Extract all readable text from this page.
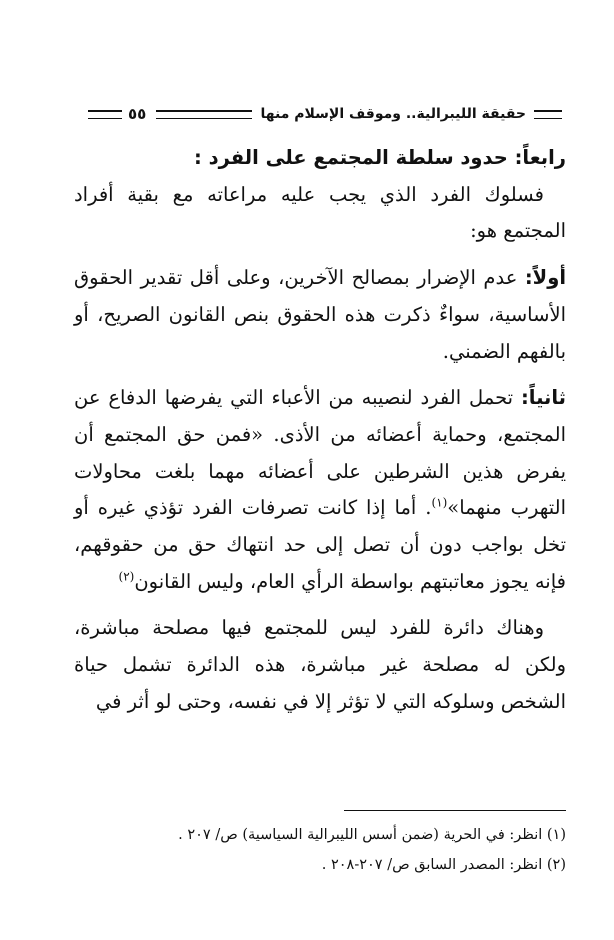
حقيقة الليبرالية.. وموقف الإسلام منها
٥٥

رابعاً: حدود سلطة المجتمع على الفرد :

فسلوك الفرد الذي يجب عليه مراعاته مع بقية أفراد المجتمع هو:

أولاً: عدم الإضرار بمصالح الآخرين، وعلى أقل تقدير الحقوق الأساسية، سواءٌ ذكرت هذه الحقوق بنص القانون الصريح، أو بالفهم الضمني.

ثانياً: تحمل الفرد لنصيبه من الأعباء التي يفرضها الدفاع عن المجتمع، وحماية أعضائه من الأذى. «فمن حق المجتمع أن يفرض هذين الشرطين على أعضائه مهما بلغت محاولات التهرب منهما»$^{(١)}$. أما إذا كانت تصرفات الفرد تؤذي غيره أو تخل بواجب دون أن تصل إلى حد انتهاك حق من حقوقهم، فإنه يجوز معاتبتهم بواسطة الرأي العام، وليس القانون$^{(٢)}$

وهناك دائرة للفرد ليس للمجتمع فيها مصلحة مباشرة، ولكن له مصلحة غير مباشرة، هذه الدائرة تشمل حياة الشخص وسلوكه التي لا تؤثر إلا في نفسه، وحتى لو أثر في

(١) انظر: في الحرية (ضمن أسس الليبرالية السياسية) ص/ ٢٠٧ .

(٢) انظر: المصدر السابق ص/ ٢٠٧-٢٠٨ .
